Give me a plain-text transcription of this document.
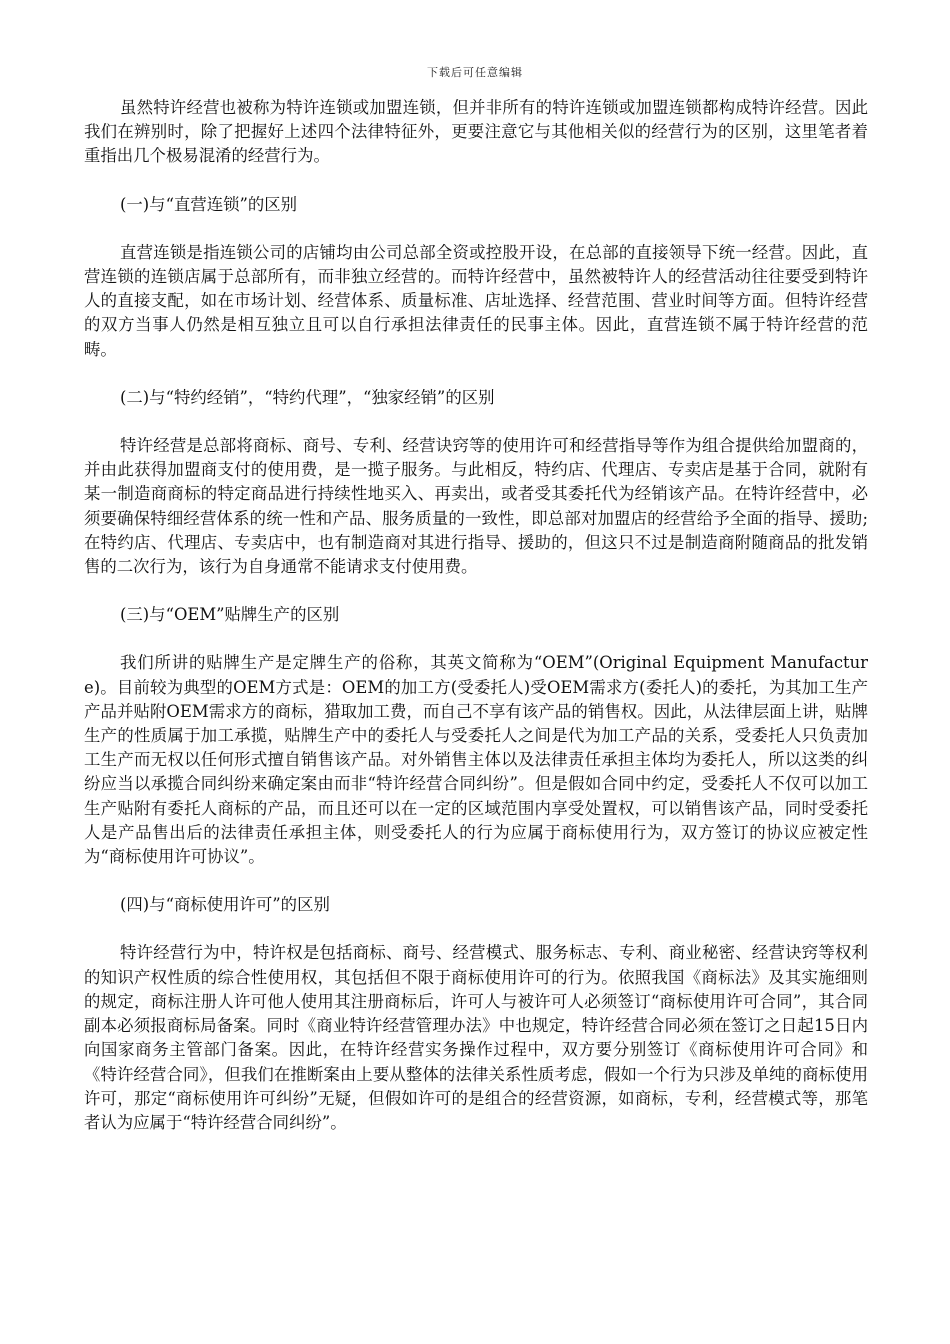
下载后可任意编辑

虽然特许经营也被称为特许连锁或加盟连锁，但并非所有的特许连锁或加盟连锁都构成特许经营。因此我们在辨别时，除了把握好上述四个法律特征外，更要注意它与其他相关似的经营行为的区别，这里笔者着重指出几个极易混淆的经营行为。

(一)与“直营连锁”的区别

直营连锁是指连锁公司的店铺均由公司总部全资或控股开设，在总部的直接领导下统一经营。因此，直营连锁的连锁店属于总部所有，而非独立经营的。而特许经营中，虽然被特许人的经营活动往往要受到特许人的直接支配，如在市场计划、经营体系、质量标准、店址选择、经营范围、营业时间等方面。但特许经营的双方当事人仍然是相互独立且可以自行承担法律责任的民事主体。因此，直营连锁不属于特许经营的范畴。

(二)与“特约经销”，“特约代理”，“独家经销”的区别

特许经营是总部将商标、商号、专利、经营诀窍等的使用许可和经营指导等作为组合提供给加盟商的，并由此获得加盟商支付的使用费，是一揽子服务。与此相反，特约店、代理店、专卖店是基于合同，就附有某一制造商商标的特定商品进行持续性地买入、再卖出，或者受其委托代为经销该产品。在特许经营中，必须要确保特细经营体系的统一性和产品、服务质量的一致性，即总部对加盟店的经营给予全面的指导、援助;在特约店、代理店、专卖店中，也有制造商对其进行指导、援助的，但这只不过是制造商附随商品的批发销售的二次行为，该行为自身通常不能请求支付使用费。

(三)与“OEM”贴牌生产的区别

我们所讲的贴牌生产是定牌生产的俗称，其英文简称为“OEM”(Original Equipment Manufacture)。目前较为典型的OEM方式是：OEM的加工方(受委托人)受OEM需求方(委托人)的委托，为其加工生产产品并贴附OEM需求方的商标，猎取加工费，而自己不享有该产品的销售权。因此，从法律层面上讲，贴牌生产的性质属于加工承揽，贴牌生产中的委托人与受委托人之间是代为加工产品的关系，受委托人只负责加工生产而无权以任何形式擅自销售该产品。对外销售主体以及法律责任承担主体均为委托人，所以这类的纠纷应当以承揽合同纠纷来确定案由而非“特许经营合同纠纷”。但是假如合同中约定，受委托人不仅可以加工生产贴附有委托人商标的产品，而且还可以在一定的区域范围内享受处置权，可以销售该产品，同时受委托人是产品售出后的法律责任承担主体，则受委托人的行为应属于商标使用行为，双方签订的协议应被定性为“商标使用许可协议”。

(四)与“商标使用许可”的区别

特许经营行为中，特许权是包括商标、商号、经营模式、服务标志、专利、商业秘密、经营诀窍等权利的知识产权性质的综合性使用权，其包括但不限于商标使用许可的行为。依照我国《商标法》及其实施细则的规定，商标注册人许可他人使用其注册商标后，许可人与被许可人必须签订“商标使用许可合同”，其合同副本必须报商标局备案。同时《商业特许经营管理办法》中也规定，特许经营合同必须在签订之日起15日内向国家商务主管部门备案。因此，在特许经营实务操作过程中，双方要分别签订《商标使用许可合同》和《特许经营合同》，但我们在推断案由上要从整体的法律关系性质考虑，假如一个行为只涉及单纯的商标使用许可，那定“商标使用许可纠纷”无疑，但假如许可的是组合的经营资源，如商标，专利，经营模式等，那笔者认为应属于“特许经营合同纠纷”。
